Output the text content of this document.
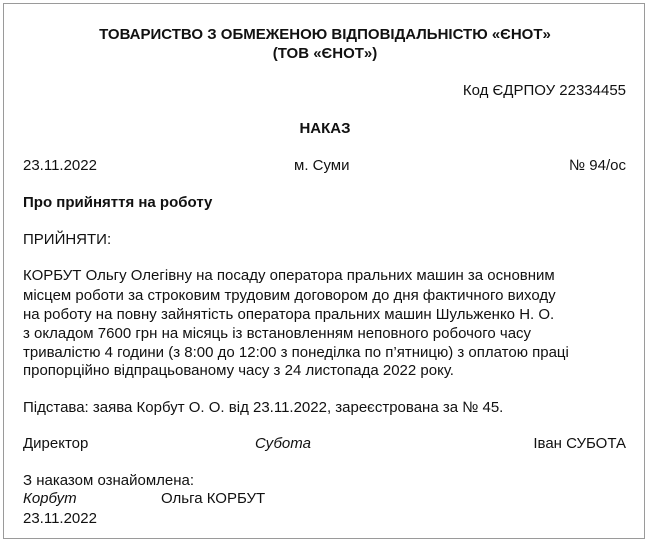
ТОВАРИСТВО З ОБМЕЖЕНОЮ ВІДПОВІДАЛЬНІСТЮ «ЄНОТ»
(ТОВ «ЄНОТ»)
Код ЄДРПОУ 22334455
НАКАЗ
23.11.2022	м. Суми	№ 94/ос
Про прийняття на роботу
ПРИЙНЯТИ:
КОРБУТ Ольгу Олегівну на посаду оператора пральних машин за основним
місцем роботи за строковим трудовим договором до дня фактичного виходу
на роботу на повну зайнятість оператора пральних машин Шульженко Н. О.
з окладом 7600 грн на місяць із встановленням неповного робочого часу
тривалістю 4 години (з 8:00 до 12:00 з понеділка по п’ятницю) з оплатою праці
пропорційно відпрацьованому часу з 24 листопада 2022 року.
Підстава: заява Корбут О. О. від 23.11.2022, зареєстрована за № 45.
Директор	Субота	Іван СУБОТА
З наказом ознайомлена:
Корбут	Ольга КОРБУТ
23.11.2022
